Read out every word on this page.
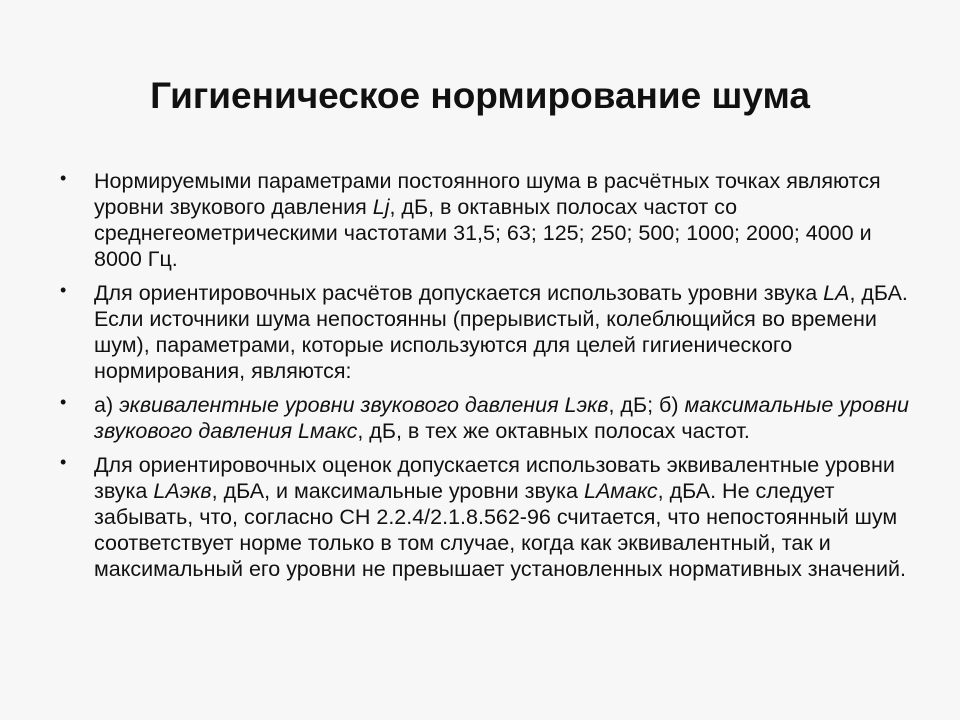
Гигиеническое нормирование шума
•	Нормируемыми параметрами постоянного шума в расчётных точках являются уровни звукового давления Lj, дБ, в октавных полосах частот со среднегеометрическими частотами 31,5; 63; 125; 250; 500; 1000; 2000; 4000 и 8000 Гц.
•	Для ориентировочных расчётов допускается использовать уровни звука LA, дБА. Если источники шума непостоянны (прерывистый, колеблющийся во времени шум), параметрами, которые используются для целей гигиенического нормирования, являются:
•	а) эквивалентные уровни звукового давления Lэкв, дБ; б) максимальные уровни звукового давления Lмакс, дБ, в тех же октавных полосах частот.
•	Для ориентировочных оценок допускается использовать эквивалентные уровни звука LAэкв, дБА, и максимальные уровни звука LAмакс, дБА. Не следует забывать, что, согласно СН 2.2.4/2.1.8.562-96 считается, что непостоянный шум соответствует норме только в том случае, когда как эквивалентный, так и максимальный его уровни не превышает установленных нормативных значений.
